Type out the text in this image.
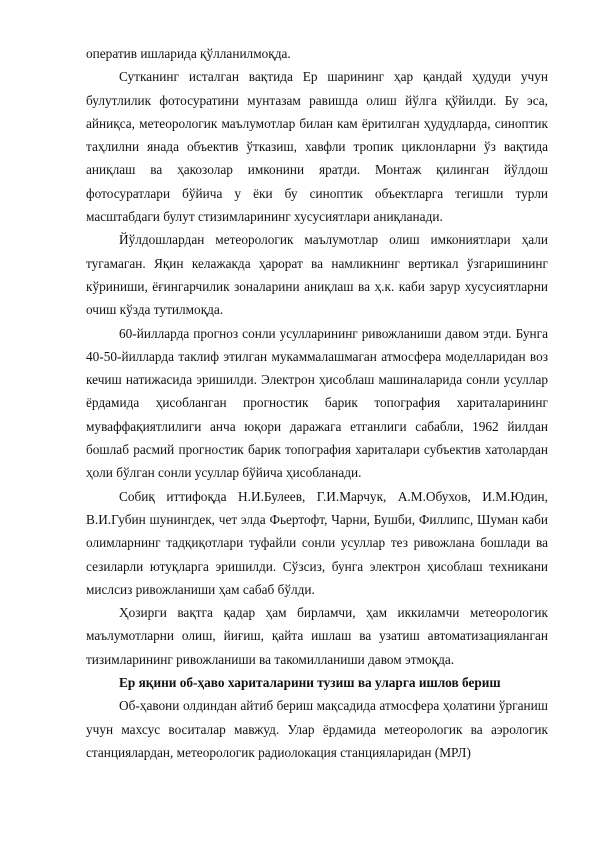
оператив ишларида қўлланилмоқда.

Сутканинг исталган вақтида Ер шарининг ҳар қандай ҳудуди учун булутлилик фотосуратини мунтазам равишда олиш йўлга қўйилди. Бу эса, айниқса, метеорологик маълумотлар билан кам ёритилган ҳудудларда, синоптик таҳлилни янада объектив ўтказиш, хавфли тропик циклонларни ўз вақтида аниқлаш ва ҳакозолар имконини яратди. Монтаж қилинган йўлдош фотосуратлари бўйича у ёки бу синоптик объектларга тегишли турли масштабдаги булут стизимларининг хусусиятлари аниқланади.

Йўлдошлардан метеорологик маълумотлар олиш имкониятлари ҳали тугамаган. Яқин келажакда ҳарорат ва намликнинг вертикал ўзгаришининг кўриниши, ёғингарчилик зоналарини аниқлаш ва ҳ.к. каби зарур хусусиятларни очиш кўзда тутилмоқда.

60-йилларда прогноз сонли усулларининг ривожланиши давом этди. Бунга 40-50-йилларда таклиф этилган мукаммалашмаган атмосфера моделларидан воз кечиш натижасида эришилди. Электрон ҳисоблаш машиналарида сонли усуллар ёрдамида ҳисобланган прогностик барик топография хариталарининг муваффақиятлилиги анча юқори даражага етганлиги сабабли, 1962 йилдан бошлаб расмий прогностик барик топография хариталари субъектив хатолардан ҳоли бўлган сонли усуллар бўйича ҳисобланади.

Собиқ иттифоқда Н.И.Булеев, Г.И.Марчук, А.М.Обухов, И.М.Юдин, В.И.Губин шунингдек, чет элда Фьертофт, Чарни, Бушби, Филлипс, Шуман каби олимларнинг тадқиқотлари туфайли сонли усуллар тез ривожлана бошлади ва сезиларли ютуқларга эришилди. Сўзсиз, бунга электрон ҳисоблаш техникани мислсиз ривожланиши ҳам сабаб бўлди.

Ҳозирги вақтга қадар ҳам бирламчи, ҳам иккиламчи метеорологик маълумотларни олиш, йиғиш, қайта ишлаш ва узатиш автоматизацияланган тизимларининг ривожланиши ва такомилланиши давом этмоқда.

Ер яқини об-ҳаво хариталарини тузиш ва уларга ишлов бериш

Об-ҳавони олдиндан айтиб бериш мақсадида атмосфера ҳолатини ўрганиш учун махсус воситалар мавжуд. Улар ёрдамида метеорологик ва аэрологик станциялардан, метеорологик радиолокация станцияларидан (МРЛ)
